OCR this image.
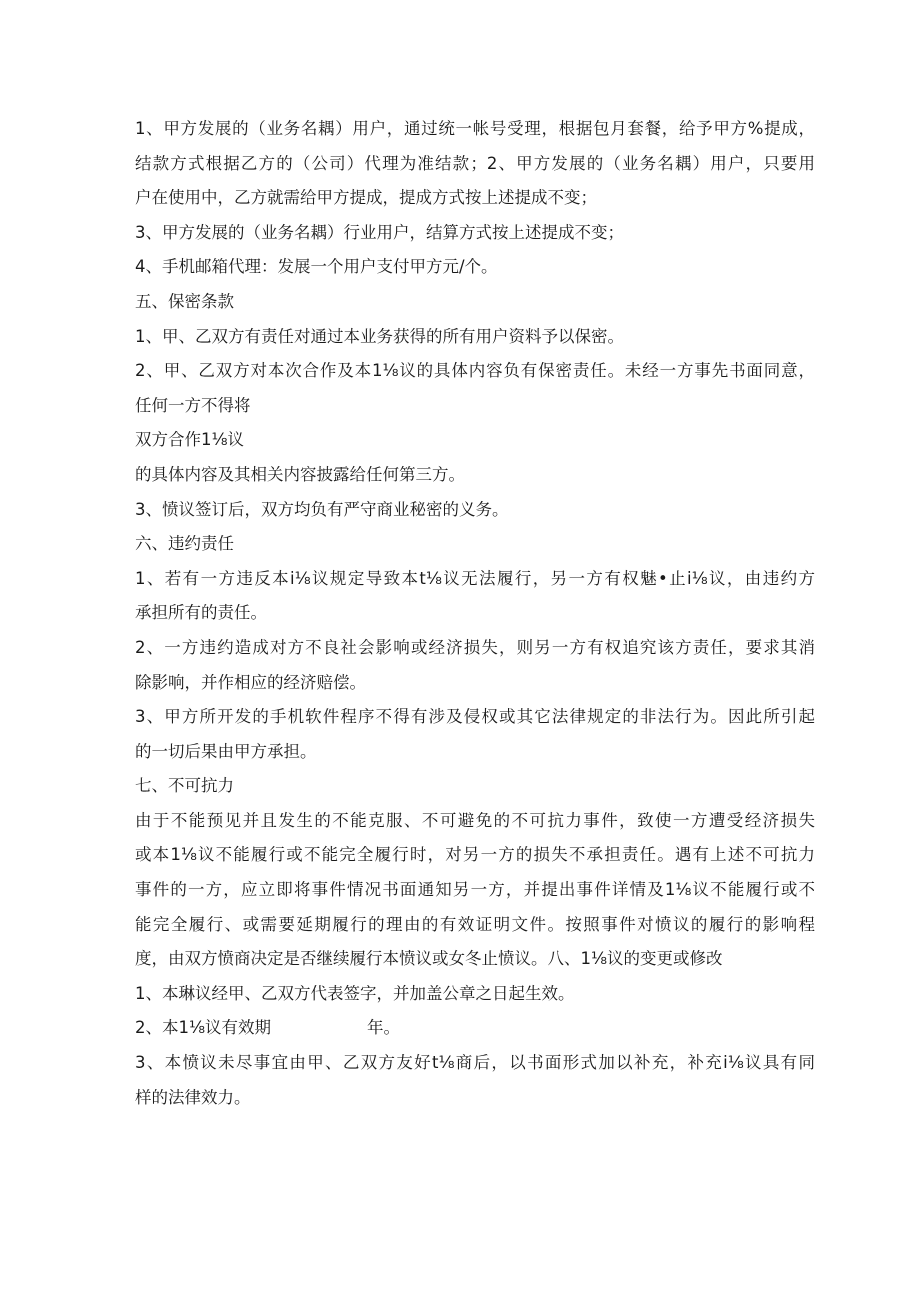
1、甲方发展的（业务名耦）用户，通过统一帐号受理，根据包月套餐，给予甲方%提成，
结款方式根据乙方的（公司）代理为准结款；2、甲方发展的（业务名耦）用户，只要用
户在使用中，乙方就需给甲方提成，提成方式按上述提成不变；
3、甲方发展的（业务名耦）行业用户，结算方式按上述提成不变；
4、手机邮箱代理：发展一个用户支付甲方元/个。
五、保密条款
1、甲、乙双方有责任对通过本业务获得的所有用户资料予以保密。
2、甲、乙双方对本次合作及本1⅛议的具体内容负有保密责任。未经一方事先书面同意，
任何一方不得将
双方合作1⅛议
的具体内容及其相关内容披露给任何第三方。
3、愤议签订后，双方均负有严守商业秘密的义务。
六、违约责任
1、若有一方违反本i⅛议规定导致本t⅛议无法履行，另一方有权魅•止i⅛议，由违约方
承担所有的责任。
2、一方违约造成对方不良社会影响或经济损失，则另一方有权追究该方责任，要求其消
除影响，并作相应的经济赔偿。
3、甲方所开发的手机软件程序不得有涉及侵权或其它法律规定的非法行为。因此所引起
的一切后果由甲方承担。
七、不可抗力
由于不能预见并且发生的不能克服、不可避免的不可抗力事件，致使一方遭受经济损失
或本1⅛议不能履行或不能完全履行时，对另一方的损失不承担责任。遇有上述不可抗力
事件的一方，应立即将事件情况书面通知另一方，并提出事件详情及1⅛议不能履行或不
能完全履行、或需要延期履行的理由的有效证明文件。按照事件对愤议的履行的影响程
度，由双方愤商决定是否继续履行本愤议或女冬止愤议。八、1⅛议的变更或修改
1、本琳议经甲、乙双方代表签字，并加盖公章之日起生效。
2、本1⅛议有效期	年。
3、本愤议未尽事宜由甲、乙双方友好t⅛商后，以书面形式加以补充，补充i⅛议具有同
样的法律效力。
